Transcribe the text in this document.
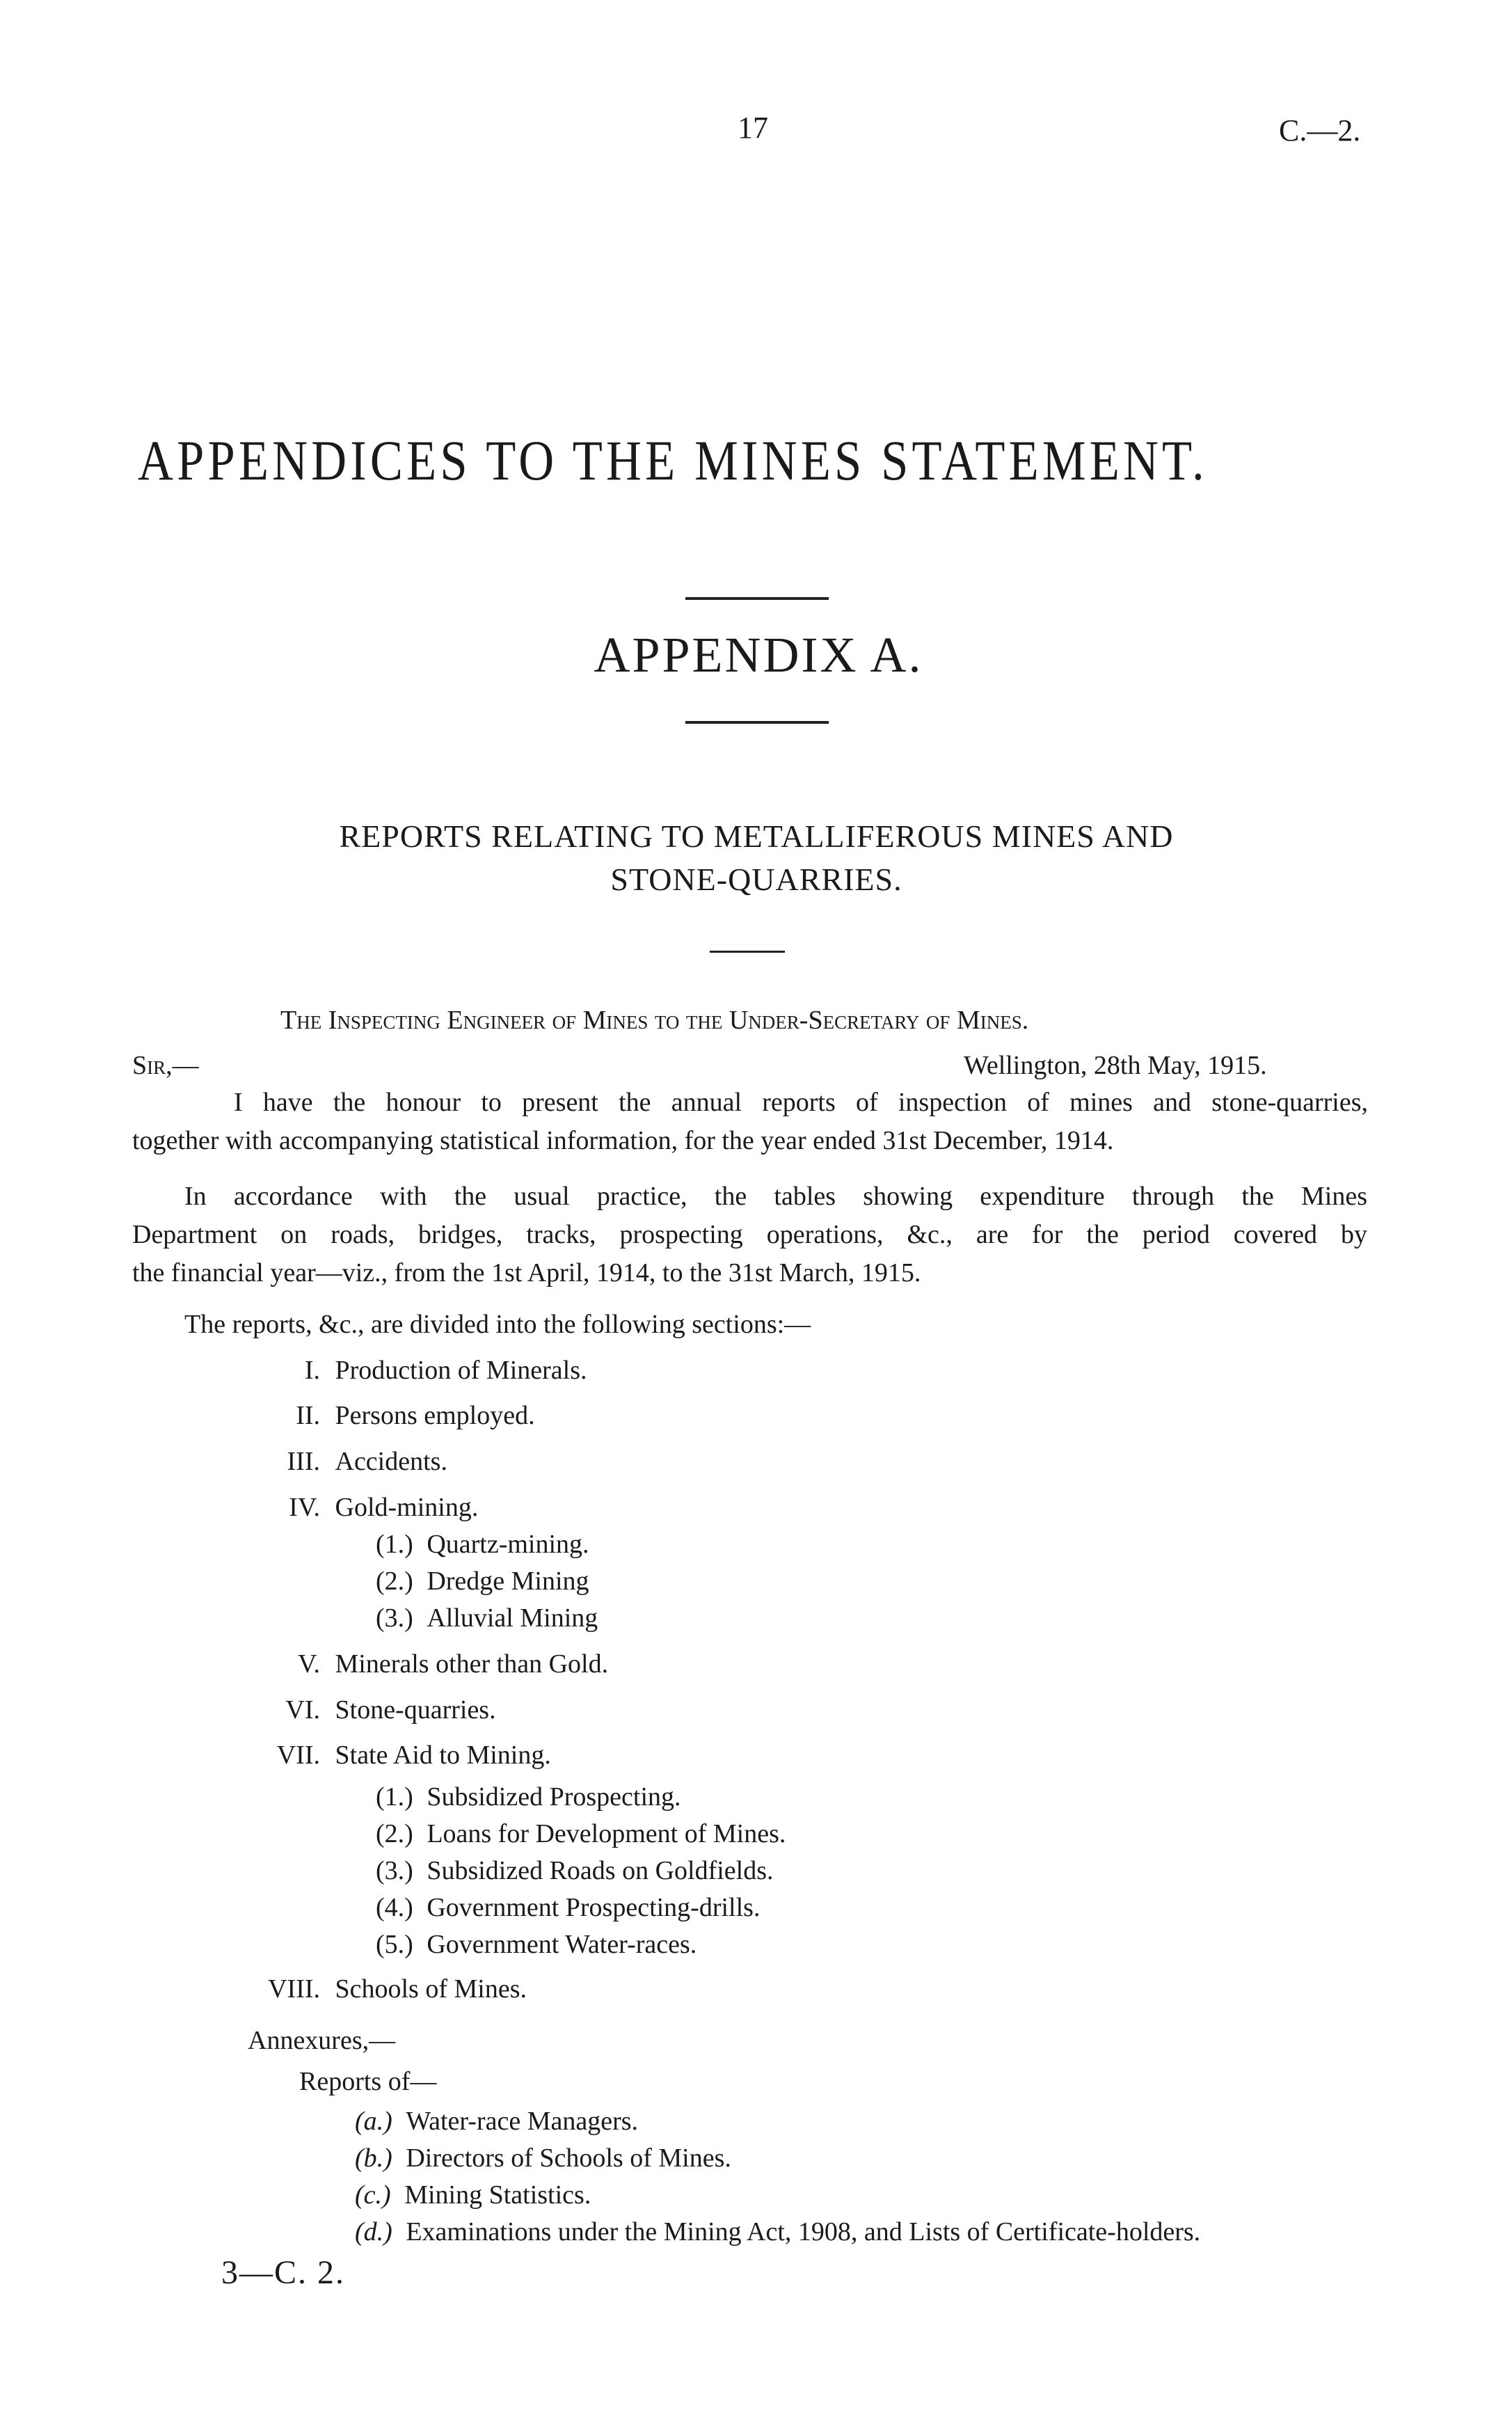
17	C.—2.
APPENDICES TO THE MINES STATEMENT.
APPENDIX A.
REPORTS RELATING TO METALLIFEROUS MINES AND
STONE-QUARRIES.
The Inspecting Engineer of Mines to the Under-Secretary of Mines.
Sir,—	Wellington, 28th May, 1915.
I have the honour to present the annual reports of inspection of mines and stone-quarries,
together with accompanying statistical information, for the year ended 31st December, 1914.
In accordance with the usual practice, the tables showing expenditure through the Mines
Department on roads, bridges, tracks, prospecting operations, &c., are for the period covered by
the financial year—viz., from the 1st April, 1914, to the 31st March, 1915.
The reports, &c., are divided into the following sections:—
I. Production of Minerals.
II. Persons employed.
III. Accidents.
IV. Gold-mining.
(1.) Quartz-mining.
(2.) Dredge Mining
(3.) Alluvial Mining
V. Minerals other than Gold.
VI. Stone-quarries.
VII. State Aid to Mining.
(1.) Subsidized Prospecting.
(2.) Loans for Development of Mines.
(3.) Subsidized Roads on Goldfields.
(4.) Government Prospecting-drills.
(5.) Government Water-races.
VIII. Schools of Mines.
Annexures,—
Reports of—
(a.) Water-race Managers.
(b.) Directors of Schools of Mines.
(c.) Mining Statistics.
(d.) Examinations under the Mining Act, 1908, and Lists of Certificate-holders.
3—C. 2.
